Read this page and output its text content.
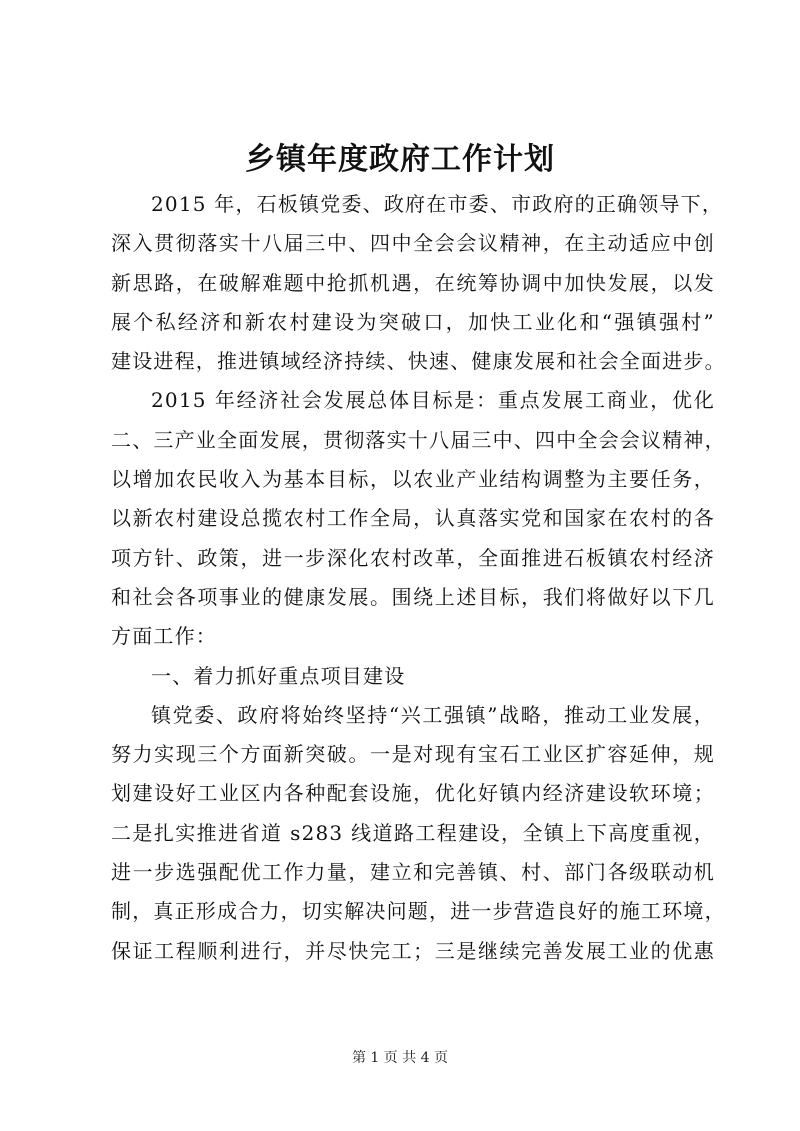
乡镇年度政府工作计划
2015 年，石板镇党委、政府在市委、市政府的正确领导下，
深入贯彻落实十八届三中、四中全会会议精神，在主动适应中创
新思路，在破解难题中抢抓机遇，在统筹协调中加快发展，以发
展个私经济和新农村建设为突破口，加快工业化和“强镇强村”
建设进程，推进镇域经济持续、快速、健康发展和社会全面进步。
2015 年经济社会发展总体目标是：重点发展工商业，优化
二、三产业全面发展，贯彻落实十八届三中、四中全会会议精神，
以增加农民收入为基本目标，以农业产业结构调整为主要任务，
以新农村建设总揽农村工作全局，认真落实党和国家在农村的各
项方针、政策，进一步深化农村改革，全面推进石板镇农村经济
和社会各项事业的健康发展。围绕上述目标，我们将做好以下几
方面工作：
一、着力抓好重点项目建设
镇党委、政府将始终坚持“兴工强镇”战略，推动工业发展，
努力实现三个方面新突破。一是对现有宝石工业区扩容延伸，规
划建设好工业区内各种配套设施，优化好镇内经济建设软环境；
二是扎实推进省道 s283 线道路工程建设，全镇上下高度重视，
进一步选强配优工作力量，建立和完善镇、村、部门各级联动机
制，真正形成合力，切实解决问题，进一步营造良好的施工环境，
保证工程顺利进行，并尽快完工；三是继续完善发展工业的优惠
第 1 页 共 4 页
